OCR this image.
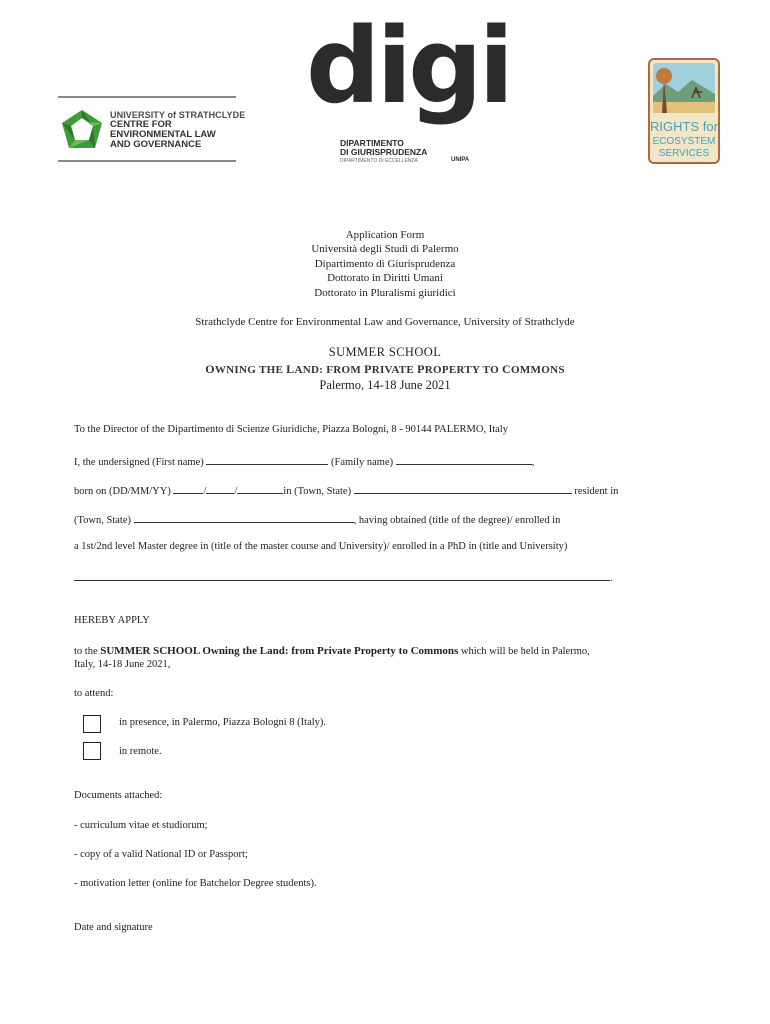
UNIVERSITY of STRATHCLYDE
CENTRE FOR
ENVIRONMENTAL LAW
AND GOVERNANCE
digi
DIPARTIMENTO
DI GIURISPRUDENZA
DIPARTIMENTO DI ECCELLENZA	UNIPA
RIGHTS for
ECOSYSTEM
SERVICES
Application Form
Università degli Studi di Palermo
Dipartimento di Giurisprudenza
Dottorato in Diritti Umani
Dottorato in Pluralismi giuridici
Strathclyde Centre for Environmental Law and Governance, University of Strathclyde
SUMMER SCHOOL
OWNING THE LAND: FROM PRIVATE PROPERTY TO COMMONS
Palermo, 14-18 June 2021
To the Director of the Dipartimento di Scienze Giuridiche, Piazza Bologni, 8 - 90144 PALERMO, Italy
I, the undersigned (First name)	(Family name)	,
born on (DD/MM/YY)	/	/	in (Town, State)	resident in
(Town, State)	, having obtained (title of the degree)/ enrolled in
a 1st/2nd level Master degree in (title of the master course and University)/ enrolled in a PhD in (title and University)
.
HEREBY APPLY
to the SUMMER SCHOOL Owning the Land: from Private Property to Commons which will be held in Palermo,
Italy, 14-18 June 2021,
to attend:
in presence, in Palermo, Piazza Bologni 8 (Italy).
in remote.
Documents attached:
- curriculum vitae et studiorum;
- copy of a valid National ID or Passport;
- motivation letter (online for Batchelor Degree students).
Date and signature
